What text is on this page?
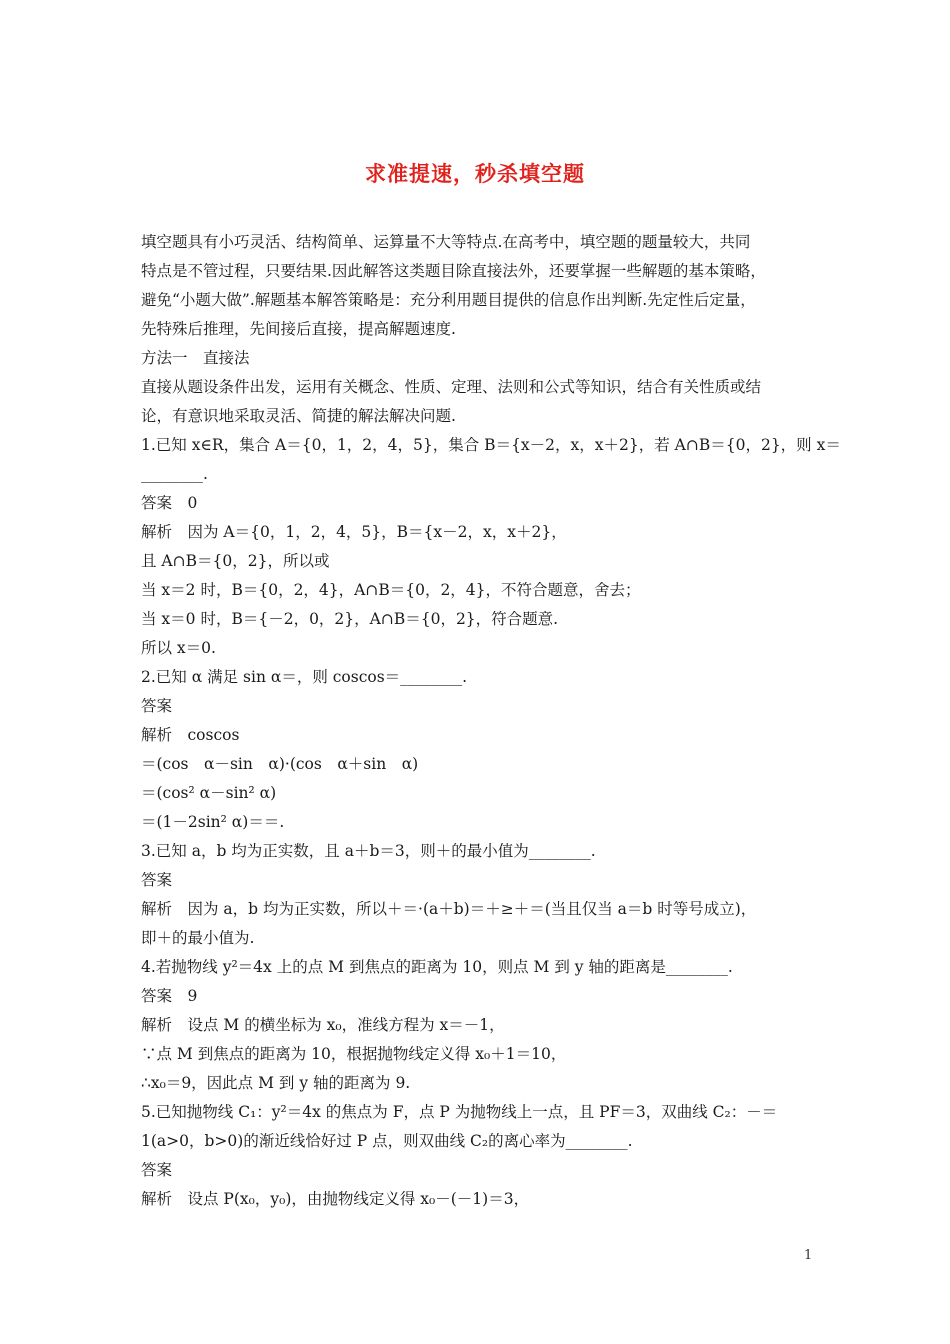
求准提速，秒杀填空题
填空题具有小巧灵活、结构简单、运算量不大等特点.在高考中，填空题的题量较大，共同
特点是不管过程，只要结果.因此解答这类题目除直接法外，还要掌握一些解题的基本策略，
避免“小题大做”.解题基本解答策略是：充分利用题目提供的信息作出判断.先定性后定量，
先特殊后推理，先间接后直接，提高解题速度.
方法一　直接法
直接从题设条件出发，运用有关概念、性质、定理、法则和公式等知识，结合有关性质或结
论，有意识地采取灵活、简捷的解法解决问题.
1.已知 x∈R，集合 A＝{0，1，2，4，5}，集合 B＝{x－2，x，x＋2}，若 A∩B＝{0，2}，则 x＝
________.
答案　0
解析　因为 A＝{0，1，2，4，5}，B＝{x－2，x，x＋2}，
且 A∩B＝{0，2}，所以或
当 x＝2 时，B＝{0，2，4}，A∩B＝{0，2，4}，不符合题意，舍去；
当 x＝0 时，B＝{－2，0，2}，A∩B＝{0，2}，符合题意.
所以 x＝0.
2.已知 α 满足 sin α＝，则 coscos＝________.
答案
解析　coscos
＝(cos　α－sin　α)·(cos　α＋sin　α)
＝(cos² α－sin² α)
＝(1－2sin² α)＝＝.
3.已知 a，b 均为正实数，且 a＋b＝3，则＋的最小值为________.
答案
解析　因为 a，b 均为正实数，所以＋＝·(a＋b)＝＋≥＋＝(当且仅当 a＝b 时等号成立)，
即＋的最小值为.
4.若抛物线 y²＝4x 上的点 M 到焦点的距离为 10，则点 M 到 y 轴的距离是________.
答案　9
解析　设点 M 的横坐标为 x₀，准线方程为 x＝－1，
∵点 M 到焦点的距离为 10，根据抛物线定义得 x₀＋1＝10，
∴x₀＝9，因此点 M 到 y 轴的距离为 9.
5.已知抛物线 C₁：y²＝4x 的焦点为 F，点 P 为抛物线上一点，且 PF＝3，双曲线 C₂：－＝
1(a>0，b>0)的渐近线恰好过 P 点，则双曲线 C₂的离心率为________.
答案
解析　设点 P(x₀，y₀)，由抛物线定义得 x₀－(－1)＝3，
1
